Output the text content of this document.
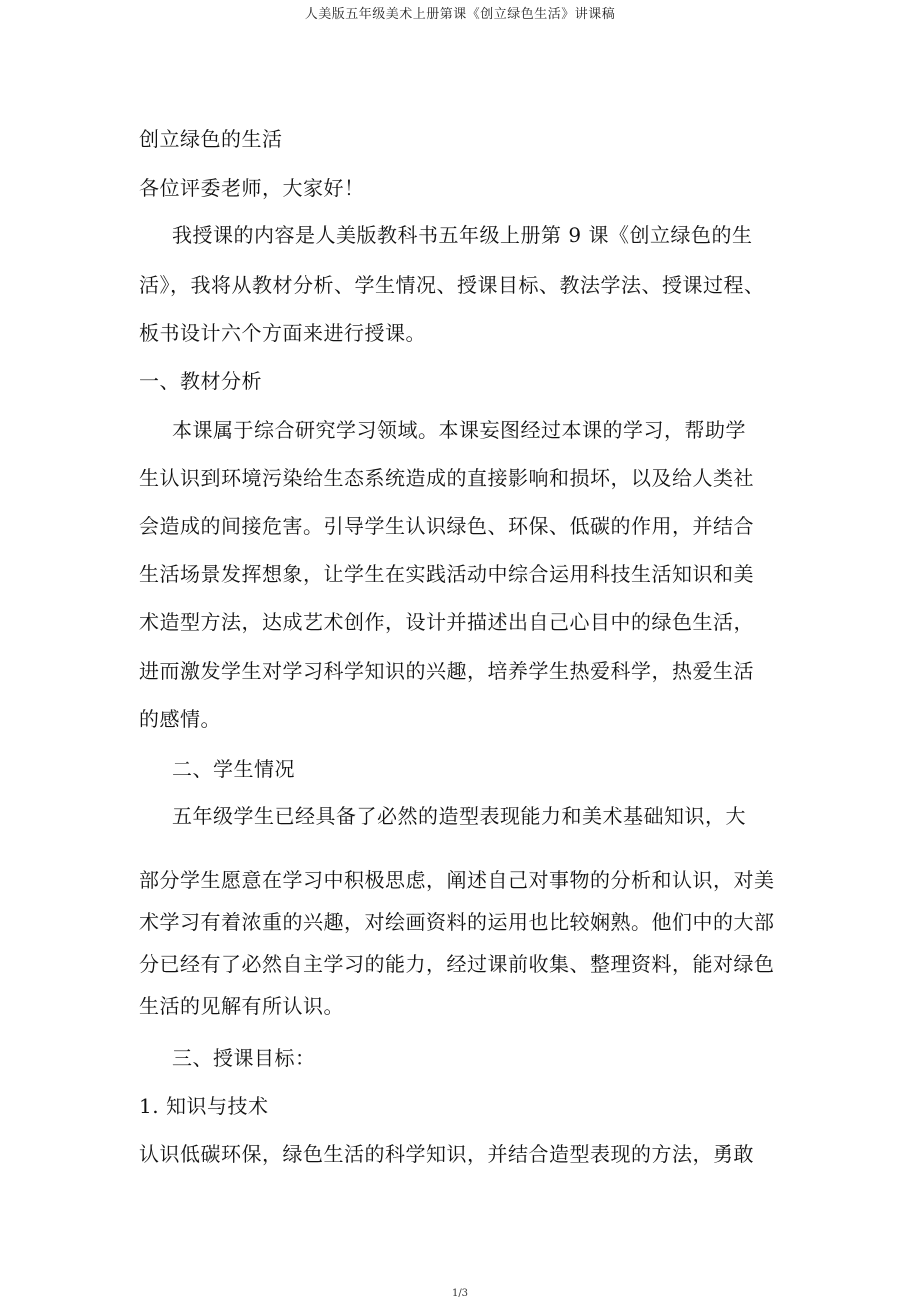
人美版五年级美术上册第课《创立绿色生活》讲课稿
创立绿色的生活
各位评委老师，大家好！
我授课的内容是人美版教科书五年级上册第 9 课《创立绿色的生
活》，我将从教材分析、学生情况、授课目标、教法学法、授课过程、
板书设计六个方面来进行授课。
一、教材分析
本课属于综合研究学习领域。本课妄图经过本课的学习，帮助学
生认识到环境污染给生态系统造成的直接影响和损坏，以及给人类社
会造成的间接危害。引导学生认识绿色、环保、低碳的作用，并结合
生活场景发挥想象，让学生在实践活动中综合运用科技生活知识和美
术造型方法，达成艺术创作，设计并描述出自己心目中的绿色生活，
进而激发学生对学习科学知识的兴趣，培养学生热爱科学，热爱生活
的感情。
二、学生情况
五年级学生已经具备了必然的造型表现能力和美术基础知识，大
部分学生愿意在学习中积极思虑，阐述自己对事物的分析和认识，对美
术学习有着浓重的兴趣，对绘画资料的运用也比较娴熟。他们中的大部
分已经有了必然自主学习的能力，经过课前收集、整理资料，能对绿色
生活的见解有所认识。
三、授课目标：
1. 知识与技术
认识低碳环保，绿色生活的科学知识，并结合造型表现的方法，勇敢
1/3
